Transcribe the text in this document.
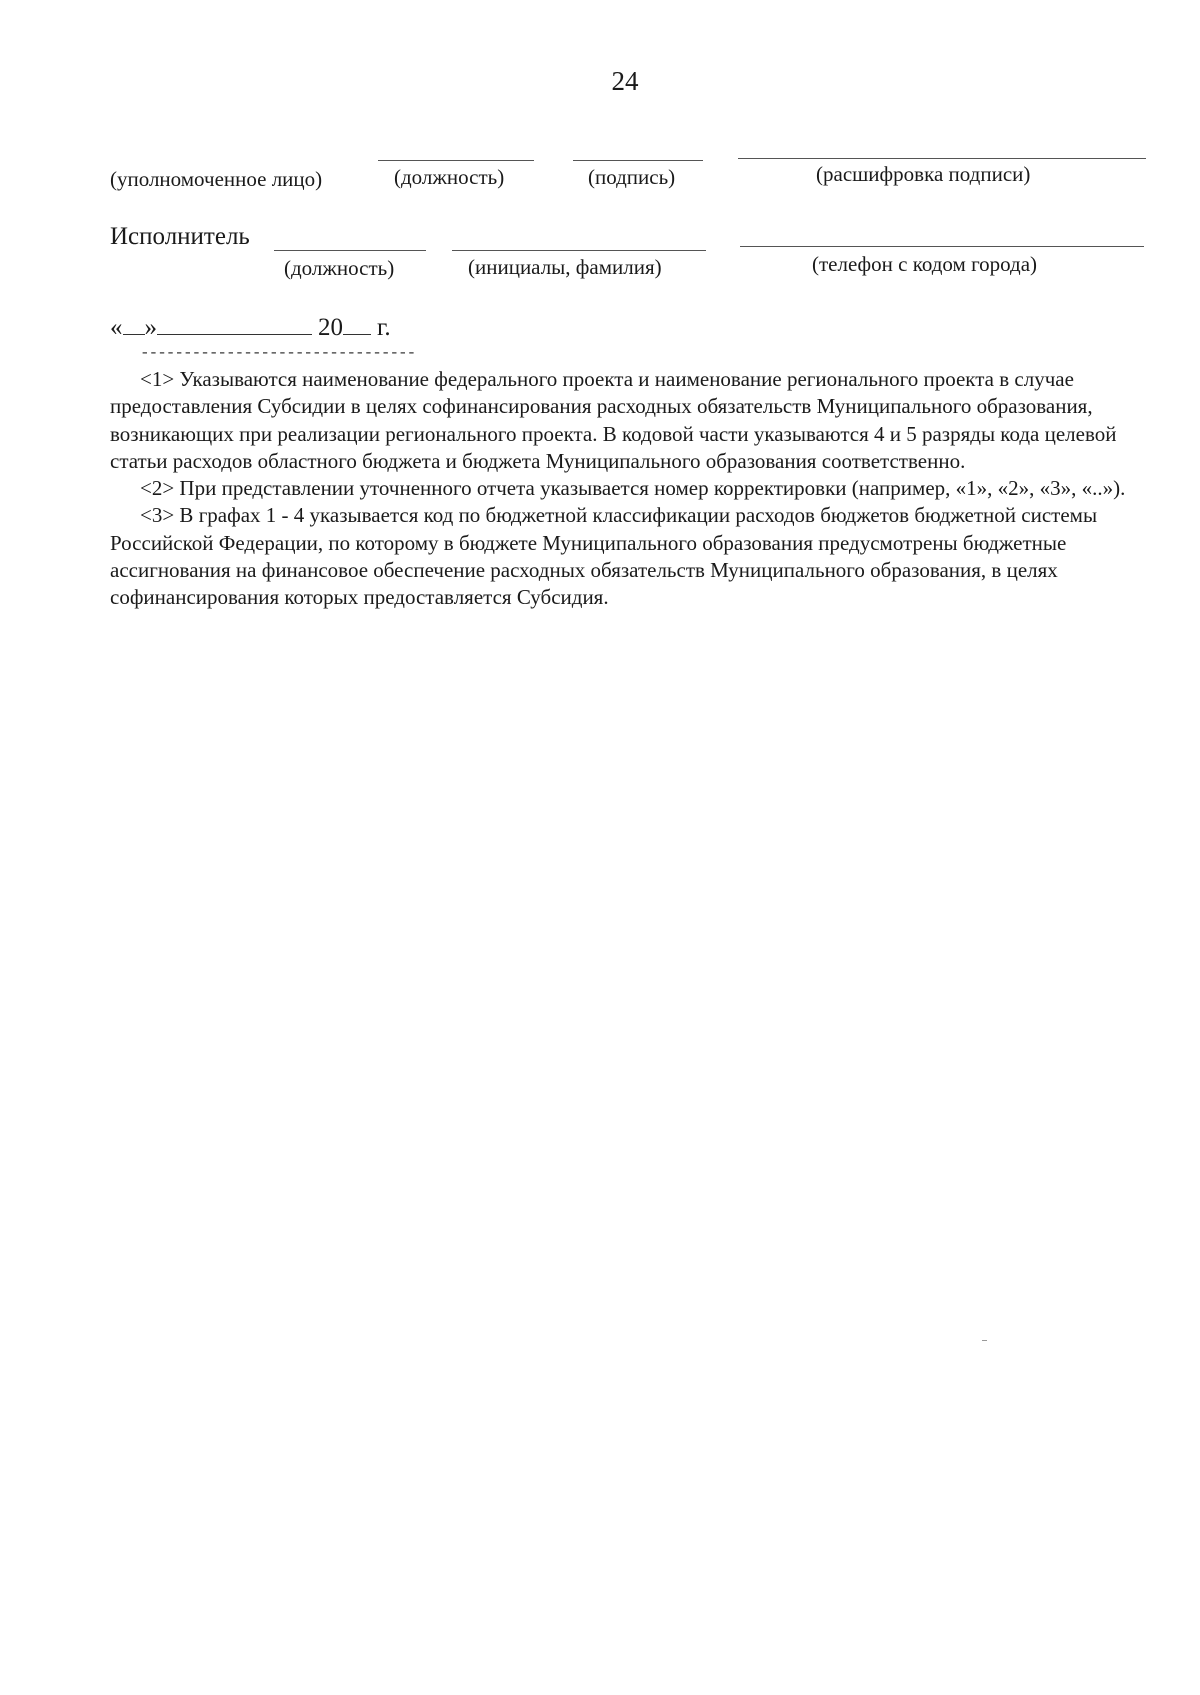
24
(уполномоченное лицо)	(должность)	(подпись)	(расшифровка подписи)
Исполнитель
(должность)	(инициалы, фамилия)	(телефон с кодом города)
« »	20 г.
--------------------------------

<1> Указываются наименование федерального проекта и наименование регионального проекта в случае предоставления Субсидии в целях софинансирования расходных обязательств Муниципального образования, возникающих при реализации регионального проекта. В кодовой части указываются 4 и 5 разряды кода целевой статьи расходов областного бюджета и бюджета Муниципального образования соответственно.

<2> При представлении уточненного отчета указывается номер корректировки (например, «1», «2», «3», «..»).

<3> В графах 1 - 4 указывается код по бюджетной классификации расходов бюджетов бюджетной системы Российской Федерации, по которому в бюджете Муниципального образования предусмотрены бюджетные ассигнования на финансовое обеспечение расходных обязательств Муниципального образования, в целях софинансирования которых предоставляется Субсидия.
